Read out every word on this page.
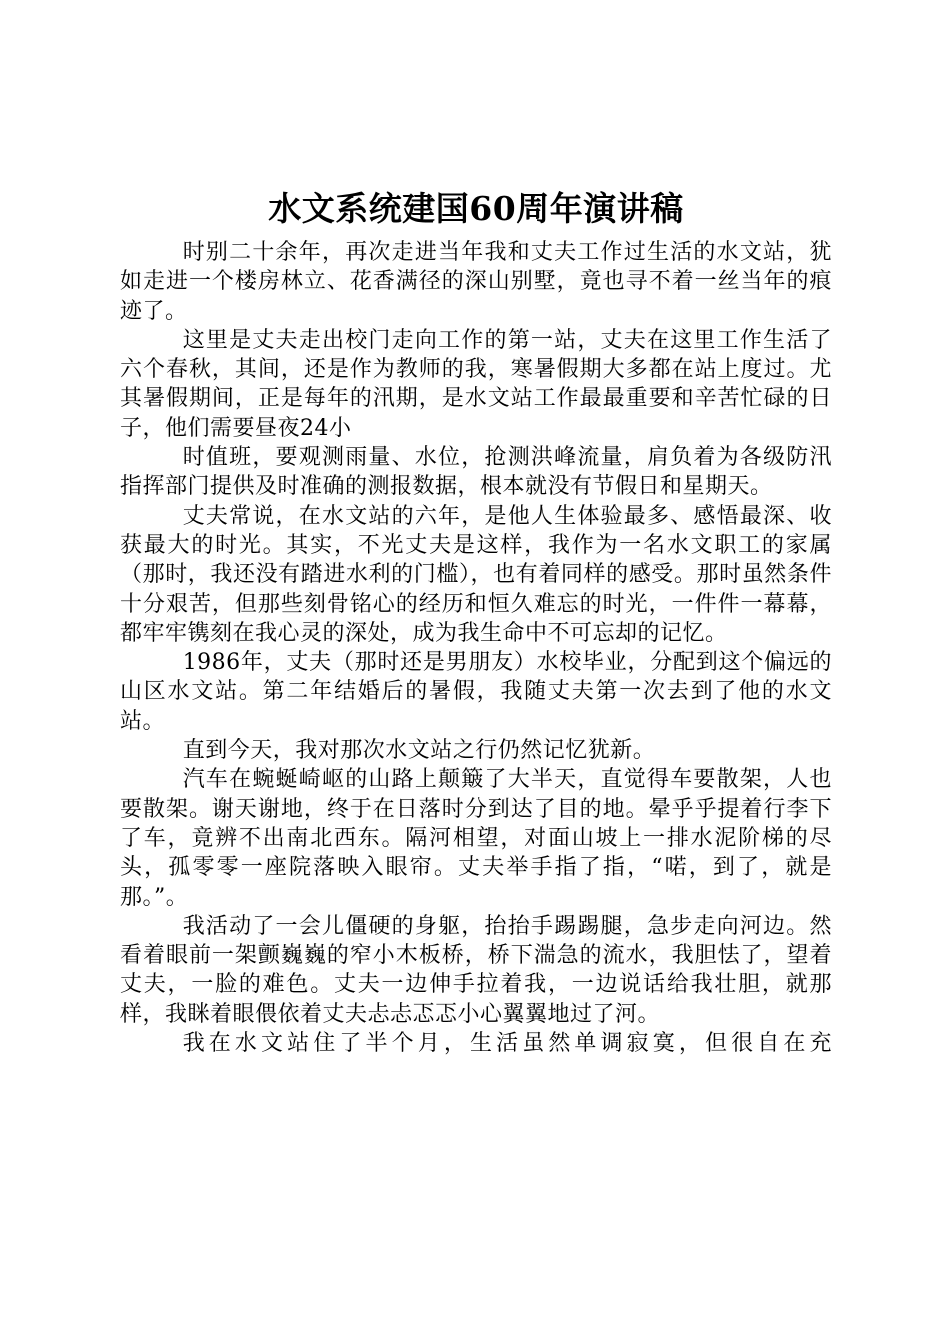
水文系统建国60周年演讲稿

时别二十余年，再次走进当年我和丈夫工作过生活的水文站，犹如走进一个楼房林立、花香满径的深山别墅，竟也寻不着一丝当年的痕迹了。

这里是丈夫走出校门走向工作的第一站，丈夫在这里工作生活了六个春秋，其间，还是作为教师的我，寒暑假期大多都在站上度过。尤其暑假期间，正是每年的汛期，是水文站工作最最重要和辛苦忙碌的日子，他们需要昼夜24小

时值班，要观测雨量、水位，抢测洪峰流量，肩负着为各级防汛指挥部门提供及时准确的测报数据，根本就没有节假日和星期天。

丈夫常说，在水文站的六年，是他人生体验最多、感悟最深、收获最大的时光。其实，不光丈夫是这样，我作为一名水文职工的家属（那时，我还没有踏进水利的门槛），也有着同样的感受。那时虽然条件十分艰苦，但那些刻骨铭心的经历和恒久难忘的时光，一件件一幕幕，都牢牢镌刻在我心灵的深处，成为我生命中不可忘却的记忆。

1986年，丈夫（那时还是男朋友）水校毕业，分配到这个偏远的山区水文站。第二年结婚后的暑假，我随丈夫第一次去到了他的水文站。

直到今天，我对那次水文站之行仍然记忆犹新。

汽车在蜿蜒崎岖的山路上颠簸了大半天，直觉得车要散架，人也要散架。谢天谢地，终于在日落时分到达了目的地。晕乎乎提着行李下了车，竟辨不出南北西东。隔河相望，对面山坡上一排水泥阶梯的尽头，孤零零一座院落映入眼帘。丈夫举手指了指，“喏，到了，就是那。”。

我活动了一会儿僵硬的身躯，抬抬手踢踢腿，急步走向河边。然看着眼前一架颤巍巍的窄小木板桥，桥下湍急的流水，我胆怯了，望着丈夫，一脸的难色。丈夫一边伸手拉着我，一边说话给我壮胆，就那样，我眯着眼偎依着丈夫忐忐忑忑小心翼翼地过了河。

我在水文站住了半个月，生活虽然单调寂寞，但很自在充
